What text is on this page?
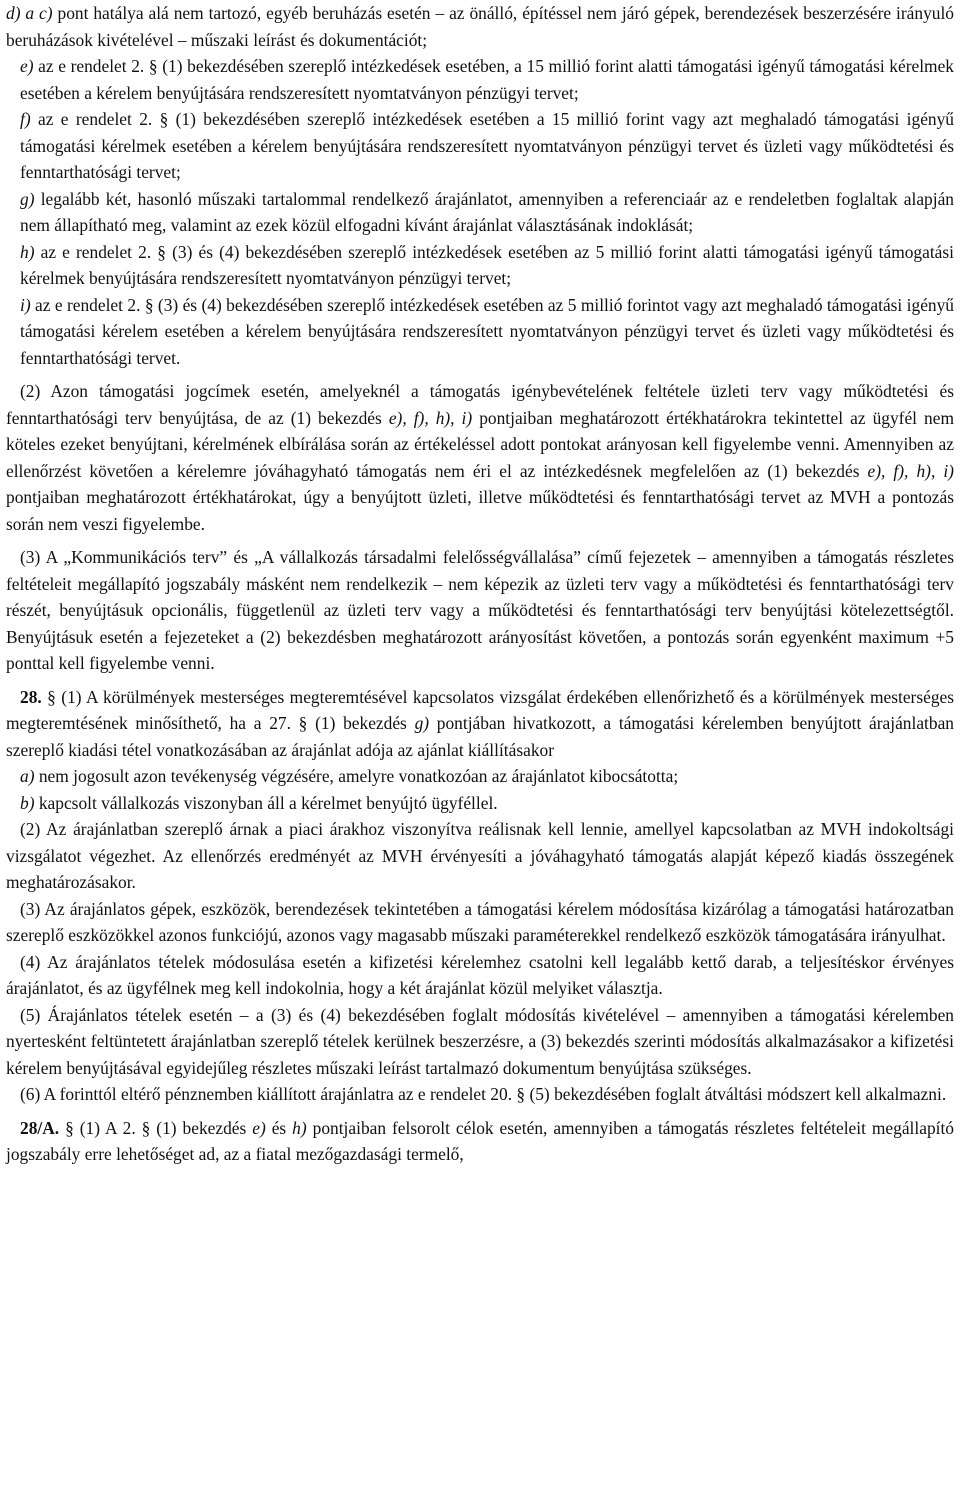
d) a c) pont hatálya alá nem tartozó, egyéb beruházás esetén – az önálló, építéssel nem járó gépek, berendezések beszerzésére irányuló beruházások kivételével – műszaki leírást és dokumentációt;

e) az e rendelet 2. § (1) bekezdésében szereplő intézkedések esetében, a 15 millió forint alatti támogatási igényű támogatási kérelmek esetében a kérelem benyújtására rendszeresített nyomtatványon pénzügyi tervet;

f) az e rendelet 2. § (1) bekezdésében szereplő intézkedések esetében a 15 millió forint vagy azt meghaladó támogatási igényű támogatási kérelmek esetében a kérelem benyújtására rendszeresített nyomtatványon pénzügyi tervet és üzleti vagy működtetési és fenntarthatósági tervet;

g) legalább két, hasonló műszaki tartalommal rendelkező árajánlatot, amennyiben a referenciaár az e rendeletben foglaltak alapján nem állapítható meg, valamint az ezek közül elfogadni kívánt árajánlat választásának indoklását;

h) az e rendelet 2. § (3) és (4) bekezdésében szereplő intézkedések esetében az 5 millió forint alatti támogatási igényű támogatási kérelmek benyújtására rendszeresített nyomtatványon pénzügyi tervet;

i) az e rendelet 2. § (3) és (4) bekezdésében szereplő intézkedések esetében az 5 millió forintot vagy azt meghaladó támogatási igényű támogatási kérelem esetében a kérelem benyújtására rendszeresített nyomtatványon pénzügyi tervet és üzleti vagy működtetési és fenntarthatósági tervet.

(2) Azon támogatási jogcímek esetén, amelyeknél a támogatás igénybevételének feltétele üzleti terv vagy működtetési és fenntarthatósági terv benyújtása, de az (1) bekezdés e), f), h), i) pontjaiban meghatározott értékhatárokra tekintettel az ügyfél nem köteles ezeket benyújtani, kérelmének elbírálása során az értékeléssel adott pontokat arányosan kell figyelembe venni. Amennyiben az ellenőrzést követően a kérelemre jóváhagyható támogatás nem éri el az intézkedésnek megfelelően az (1) bekezdés e), f), h), i) pontjaiban meghatározott értékhatárokat, úgy a benyújtott üzleti, illetve működtetési és fenntarthatósági tervet az MVH a pontozás során nem veszi figyelembe.

(3) A „Kommunikációs terv” és „A vállalkozás társadalmi felelősségvállalása” című fejezetek – amennyiben a támogatás részletes feltételeit megállapító jogszabály másként nem rendelkezik – nem képezik az üzleti terv vagy a működtetési és fenntarthatósági terv részét, benyújtásuk opcionális, függetlenül az üzleti terv vagy a működtetési és fenntarthatósági terv benyújtási kötelezettségtől. Benyújtásuk esetén a fejezeteket a (2) bekezdésben meghatározott arányosítást követően, a pontozás során egyenként maximum +5 ponttal kell figyelembe venni.

28. § (1) A körülmények mesterséges megteremtésével kapcsolatos vizsgálat érdekében ellenőrizhető és a körülmények mesterséges megteremtésének minősíthető, ha a 27. § (1) bekezdés g) pontjában hivatkozott, a támogatási kérelemben benyújtott árajánlatban szereplő kiadási tétel vonatkozásában az árajánlat adója az ajánlat kiállításakor

a) nem jogosult azon tevékenység végzésére, amelyre vonatkozóan az árajánlatot kibocsátotta;

b) kapcsolt vállalkozás viszonyban áll a kérelmet benyújtó ügyféllel.

(2) Az árajánlatban szereplő árnak a piaci árakhoz viszonyítva reálisnak kell lennie, amellyel kapcsolatban az MVH indokoltsági vizsgálatot végezhet. Az ellenőrzés eredményét az MVH érvényesíti a jóváhagyható támogatás alapját képező kiadás összegének meghatározásakor.

(3) Az árajánlatos gépek, eszközök, berendezések tekintetében a támogatási kérelem módosítása kizárólag a támogatási határozatban szereplő eszközökkel azonos funkciójú, azonos vagy magasabb műszaki paraméterekkel rendelkező eszközök támogatására irányulhat.

(4) Az árajánlatos tételek módosulása esetén a kifizetési kérelemhez csatolni kell legalább kettő darab, a teljesítéskor érvényes árajánlatot, és az ügyfélnek meg kell indokolnia, hogy a két árajánlat közül melyiket választja.

(5) Árajánlatos tételek esetén – a (3) és (4) bekezdésében foglalt módosítás kivételével – amennyiben a támogatási kérelemben nyertesként feltüntetett árajánlatban szereplő tételek kerülnek beszerzésre, a (3) bekezdés szerinti módosítás alkalmazásakor a kifizetési kérelem benyújtásával egyidejűleg részletes műszaki leírást tartalmazó dokumentum benyújtása szükséges.

(6) A forinttól eltérő pénznemben kiállított árajánlatra az e rendelet 20. § (5) bekezdésében foglalt átváltási módszert kell alkalmazni.

28/A. § (1) A 2. § (1) bekezdés e) és h) pontjaiban felsorolt célok esetén, amennyiben a támogatás részletes feltételeit megállapító jogszabály erre lehetőséget ad, az a fiatal mezőgazdasági termelő,
